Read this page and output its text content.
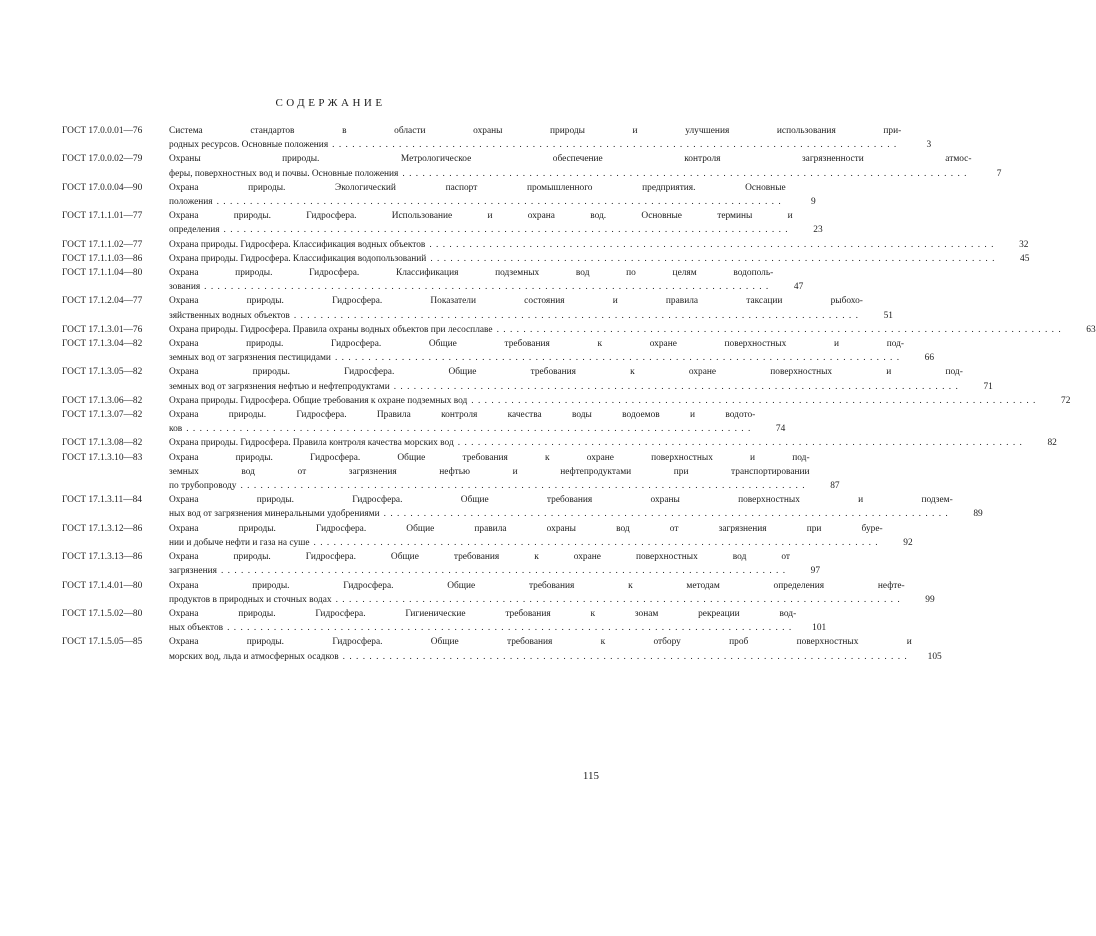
СОДЕРЖАНИЕ
ГОСТ 17.0.0.01—76	Система стандартов в области охраны природы и улучшения использования при-
родных ресурсов. Основные положения . . .	3
ГОСТ 17.0.0.02—79	Охраны природы. Метрологическое обеспечение контроля загрязненности атмос-
феры, поверхностных вод и почвы. Основные положения . . .	7
ГОСТ 17.0.0.04—90	Охрана природы. Экологический паспорт промышленного предприятия. Основные
положения . . .	9
ГОСТ 17.1.1.01—77	Охрана природы. Гидросфера. Использование и охрана вод. Основные термины и
определения . . .	23
ГОСТ 17.1.1.02—77	Охрана природы. Гидросфера. Классификация водных объектов . . .	32
ГОСТ 17.1.1.03—86	Охрана природы. Гидросфера. Классификация водопользований . . .	45
ГОСТ 17.1.1.04—80	Охрана природы. Гидросфера. Классификация подземных вод по целям водополь-
зования . . .	47
ГОСТ 17.1.2.04—77	Охрана природы. Гидросфера. Показатели состояния и правила таксации рыбохо-
зяйственных водных объектов . . .	51
ГОСТ 17.1.3.01—76	Охрана природы. Гидросфера. Правила охраны водных объектов при лесосплаве . . .	63
ГОСТ 17.1.3.04—82	Охрана природы. Гидросфера. Общие требования к охране поверхностных и под-
земных вод от загрязнения пестицидами . . .	66
ГОСТ 17.1.3.05—82	Охрана природы. Гидросфера. Общие требования к охране поверхностных и под-
земных вод от загрязнения нефтью и нефтепродуктами . . .	71
ГОСТ 17.1.3.06—82	Охрана природы. Гидросфера. Общие требования к охране подземных вод . . .	72
ГОСТ 17.1.3.07—82	Охрана природы. Гидросфера. Правила контроля качества воды водоемов и водото-
ков . . .	74
ГОСТ 17.1.3.08—82	Охрана природы. Гидросфера. Правила контроля качества морских вод . . .	82
ГОСТ 17.1.3.10—83	Охрана природы. Гидросфера. Общие требования к охране поверхностных и под-
земных вод от загрязнения нефтью и нефтепродуктами при транспортировании
по трубопроводу . . .	87
ГОСТ 17.1.3.11—84	Охрана природы. Гидросфера. Общие требования охраны поверхностных и подзем-
ных вод от загрязнения минеральными удобрениями . . .	89
ГОСТ 17.1.3.12—86	Охрана природы. Гидросфера. Общие правила охраны вод от загрязнения при буре-
нии и добыче нефти и газа на суше . . .	92
ГОСТ 17.1.3.13—86	Охрана природы. Гидросфера. Общие требования к охране поверхностных вод от
загрязнения . . .	97
ГОСТ 17.1.4.01—80	Охрана природы. Гидросфера. Общие требования к методам определения нефте-
продуктов в природных и сточных водах . . .	99
ГОСТ 17.1.5.02—80	Охрана природы. Гидросфера. Гигиенические требования к зонам рекреации вод-
ных объектов . . .	101
ГОСТ 17.1.5.05—85	Охрана природы. Гидросфера. Общие требования к отбору проб поверхностных и
морских вод, льда и атмосферных осадков . . .	105
115
